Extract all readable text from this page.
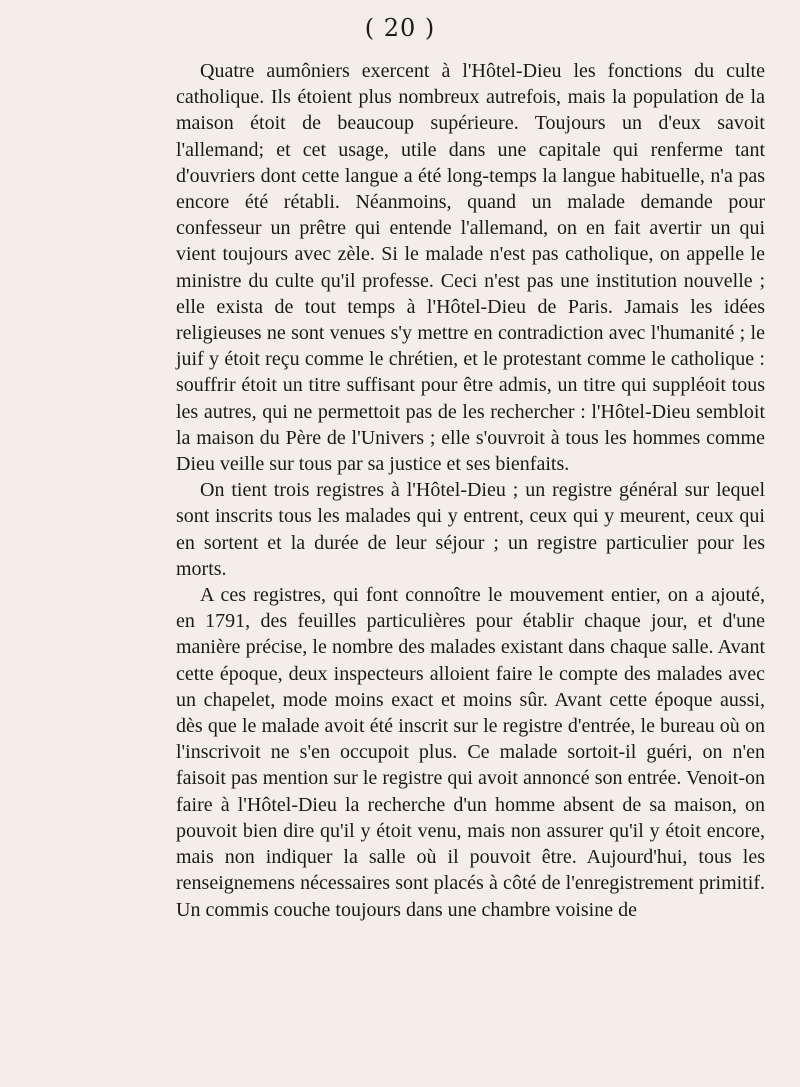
( 20 )

Quatre aumôniers exercent à l'Hôtel-Dieu les fonctions du culte catholique. Ils étoient plus nombreux autrefois, mais la population de la maison étoit de beaucoup supérieure. Toujours un d'eux savoit l'allemand; et cet usage, utile dans une capitale qui renferme tant d'ouvriers dont cette langue a été long-temps la langue habituelle, n'a pas encore été rétabli. Néanmoins, quand un malade demande pour confesseur un prêtre qui entende l'allemand, on en fait avertir un qui vient toujours avec zèle. Si le malade n'est pas catholique, on appelle le ministre du culte qu'il professe. Ceci n'est pas une institution nouvelle ; elle exista de tout temps à l'Hôtel-Dieu de Paris. Jamais les idées religieuses ne sont venues s'y mettre en contradiction avec l'humanité ; le juif y étoit reçu comme le chrétien, et le protestant comme le catholique : souffrir étoit un titre suffisant pour être admis, un titre qui suppléoit tous les autres, qui ne permettoit pas de les rechercher : l'Hôtel-Dieu sembloit la maison du Père de l'Univers ; elle s'ouvroit à tous les hommes comme Dieu veille sur tous par sa justice et ses bienfaits.

On tient trois registres à l'Hôtel-Dieu ; un registre général sur lequel sont inscrits tous les malades qui y entrent, ceux qui y meurent, ceux qui en sortent et la durée de leur séjour ; un registre particulier pour les morts.

A ces registres, qui font connoître le mouvement entier, on a ajouté, en 1791, des feuilles particulières pour établir chaque jour, et d'une manière précise, le nombre des malades existant dans chaque salle. Avant cette époque, deux inspecteurs alloient faire le compte des malades avec un chapelet, mode moins exact et moins sûr. Avant cette époque aussi, dès que le malade avoit été inscrit sur le registre d'entrée, le bureau où on l'inscrivoit ne s'en occupoit plus. Ce malade sortoit-il guéri, on n'en faisoit pas mention sur le registre qui avoit annoncé son entrée. Venoit-on faire à l'Hôtel-Dieu la recherche d'un homme absent de sa maison, on pouvoit bien dire qu'il y étoit venu, mais non assurer qu'il y étoit encore, mais non indiquer la salle où il pouvoit être. Aujourd'hui, tous les renseignemens nécessaires sont placés à côté de l'enregistrement primitif. Un commis couche toujours dans une chambre voisine de
